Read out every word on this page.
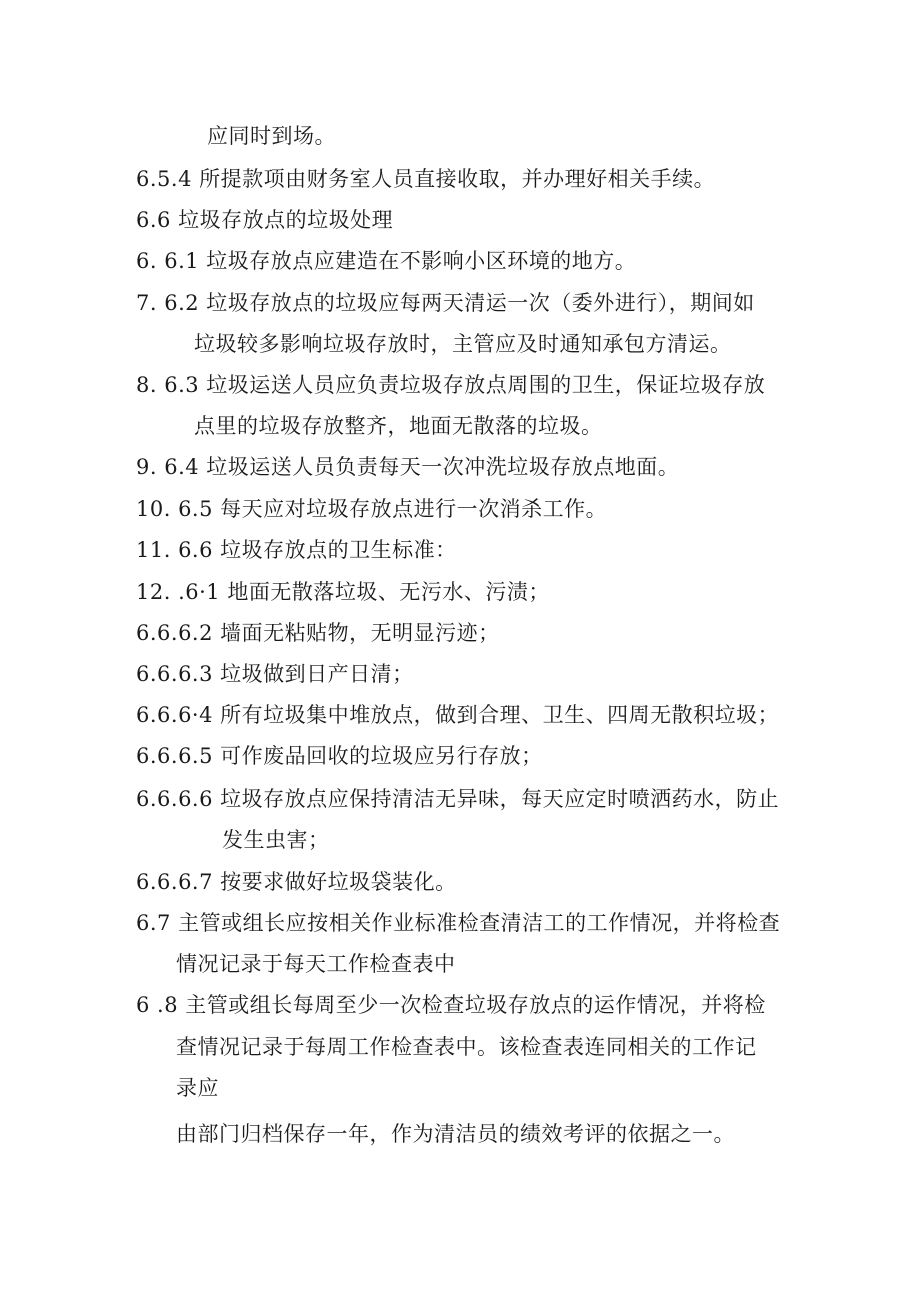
应同时到场。
6.5.4 所提款项由财务室人员直接收取，并办理好相关手续。
6.6 垃圾存放点的垃圾处理
6. 6.1 垃圾存放点应建造在不影响小区环境的地方。
7. 6.2 垃圾存放点的垃圾应每两天清运一次（委外进行），期间如
垃圾较多影响垃圾存放时，主管应及时通知承包方清运。
8. 6.3 垃圾运送人员应负责垃圾存放点周围的卫生，保证垃圾存放
点里的垃圾存放整齐，地面无散落的垃圾。
9. 6.4 垃圾运送人员负责每天一次冲洗垃圾存放点地面。
10. 6.5 每天应对垃圾存放点进行一次消杀工作。
11. 6.6 垃圾存放点的卫生标准：
12. .6·1 地面无散落垃圾、无污水、污渍；
6.6.6.2 墙面无粘贴物，无明显污迹；
6.6.6.3 垃圾做到日产日清；
6.6.6·4 所有垃圾集中堆放点，做到合理、卫生、四周无散积垃圾；
6.6.6.5 可作废品回收的垃圾应另行存放；
6.6.6.6 垃圾存放点应保持清洁无异味，每天应定时喷洒药水，防止
发生虫害；
6.6.6.7 按要求做好垃圾袋装化。
6.7 主管或组长应按相关作业标准检查清洁工的工作情况，并将检查
情况记录于每天工作检查表中
6 .8 主管或组长每周至少一次检查垃圾存放点的运作情况，并将检
查情况记录于每周工作检查表中。该检查表连同相关的工作记
录应
由部门归档保存一年，作为清洁员的绩效考评的依据之一。
